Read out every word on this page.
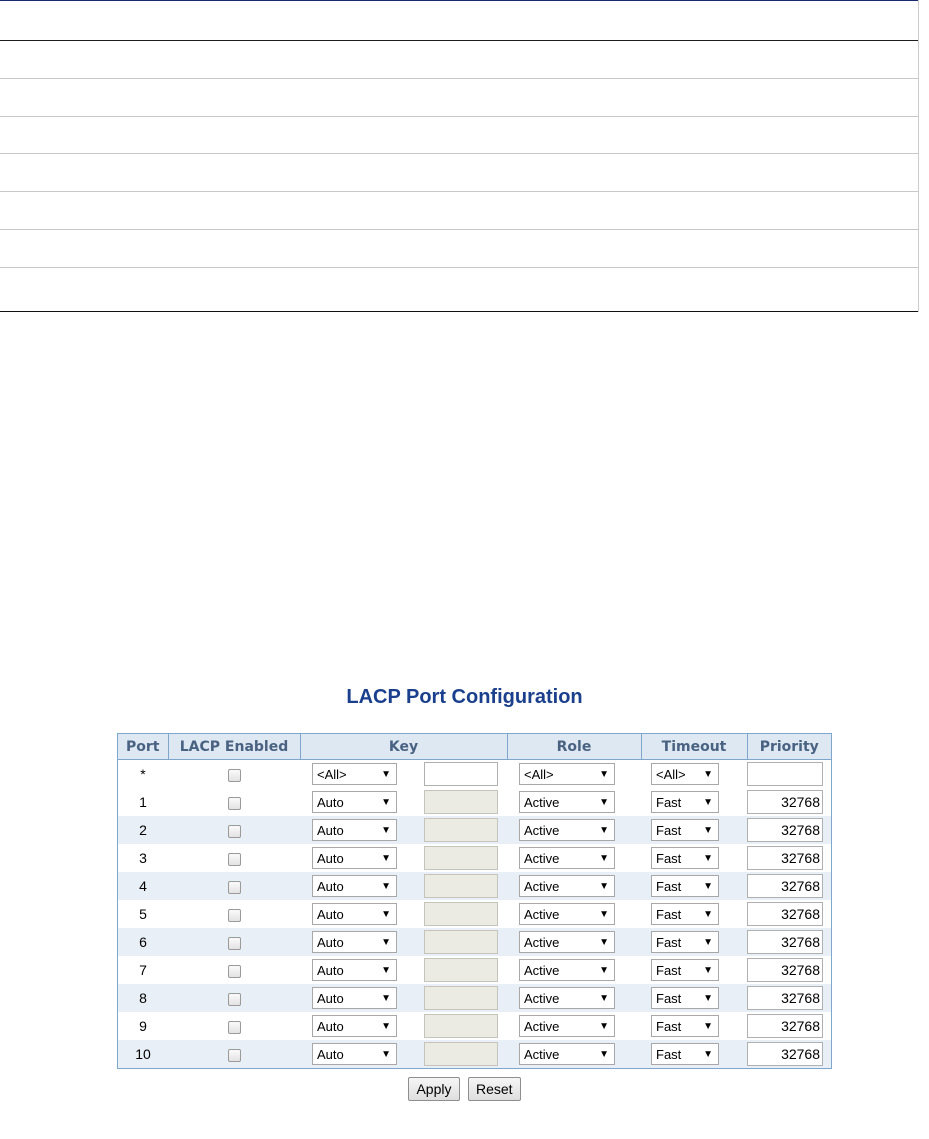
LACP Port Configuration
Port	LACP Enabled	Key		Role	Timeout	Priority
*		<All> ▼		<All> ▼	<All> ▼	

1		Auto ▼		Active ▼	Fast ▼	32768
2		Auto ▼		Active ▼	Fast ▼	32768
3		Auto ▼		Active ▼	Fast ▼	32768
4		Auto ▼		Active ▼	Fast ▼	32768
5		Auto ▼		Active ▼	Fast ▼	32768
6		Auto ▼		Active ▼	Fast ▼	32768
7		Auto ▼		Active ▼	Fast ▼	32768
8		Auto ▼		Active ▼	Fast ▼	32768
9		Auto ▼		Active ▼	Fast ▼	32768
10		Auto ▼		Active ▼	Fast ▼	32768
Apply Reset
